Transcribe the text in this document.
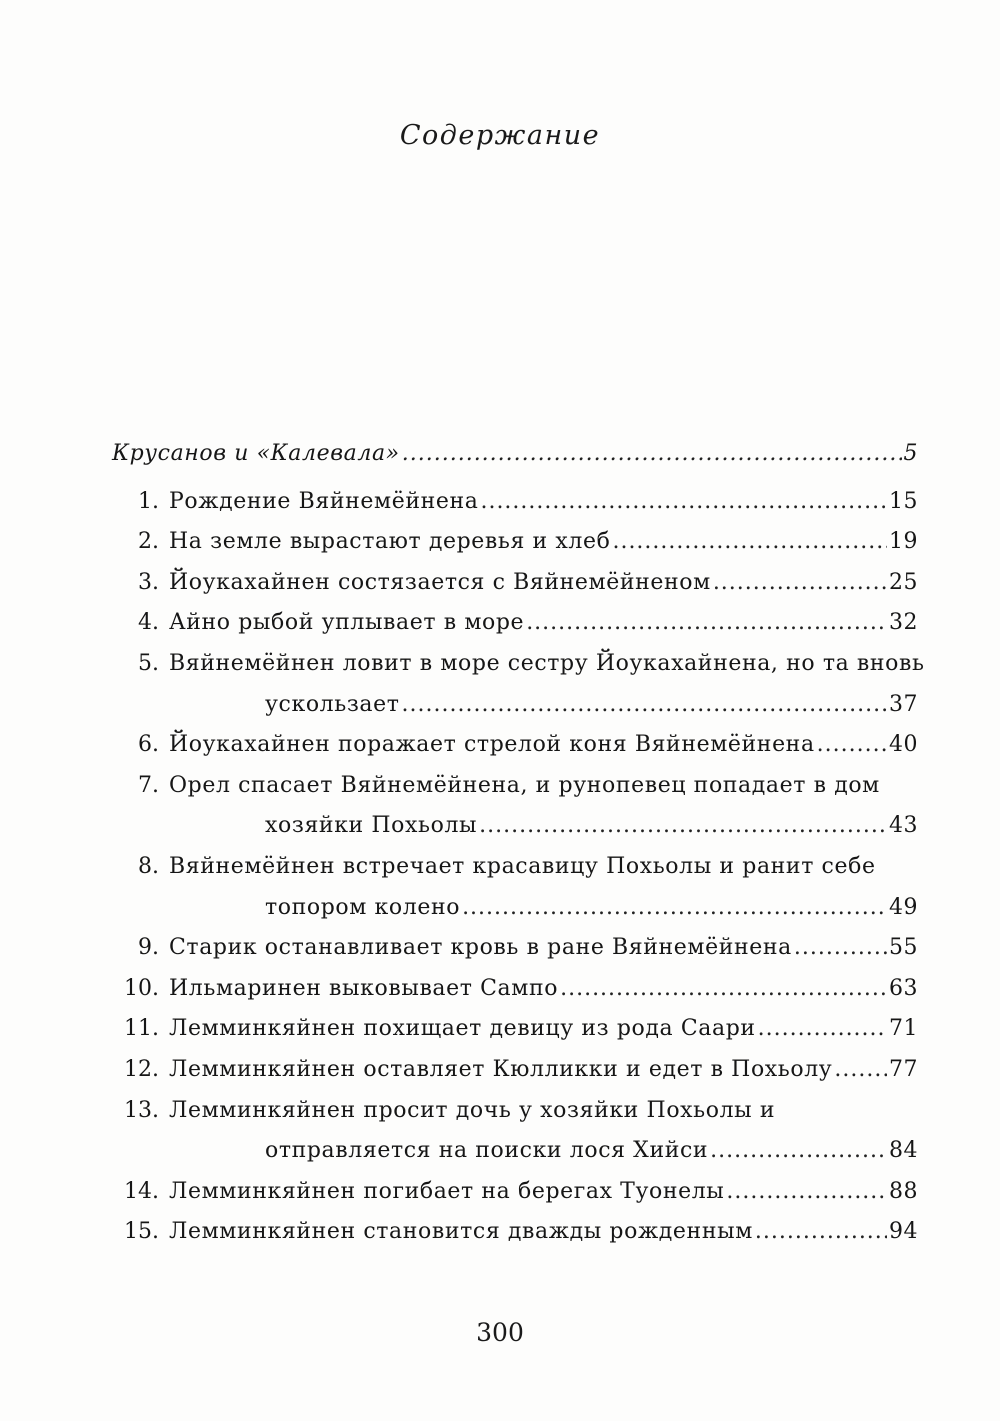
Содержание
Крусанов и «Калевала» .....	5
1. Рождение Вяйнемёйнена .....	15
2. На земле вырастают деревья и хлеб .....	19
3. Йоукахайнен состязается с Вяйнемёйненом .....	25
4. Айно рыбой уплывает в море .....	32
5. Вяйнемёйнен ловит в море сестру Йоукахайнена, но та вновь
ускользает .....	37
6. Йоукахайнен поражает стрелой коня Вяйнемёйнена .....	40
7. Орел спасает Вяйнемёйнена, и рунопевец попадает в дом
хозяйки Похьолы .....	43
8. Вяйнемёйнен встречает красавицу Похьолы и ранит себе
топором колено .....	49
9. Старик останавливает кровь в ране Вяйнемёйнена .....	55
10. Ильмаринен выковывает Сампо .....	63
11. Лемминкяйнен похищает девицу из рода Саари .....	71
12. Лемминкяйнен оставляет Кюлликки и едет в Похьолу .....	77
13. Лемминкяйнен просит дочь у хозяйки Похьолы и
отправляется на поиски лося Хийси .....	84
14. Лемминкяйнен погибает на берегах Туонелы .....	88
15. Лемминкяйнен становится дважды рожденным .....	94
300
